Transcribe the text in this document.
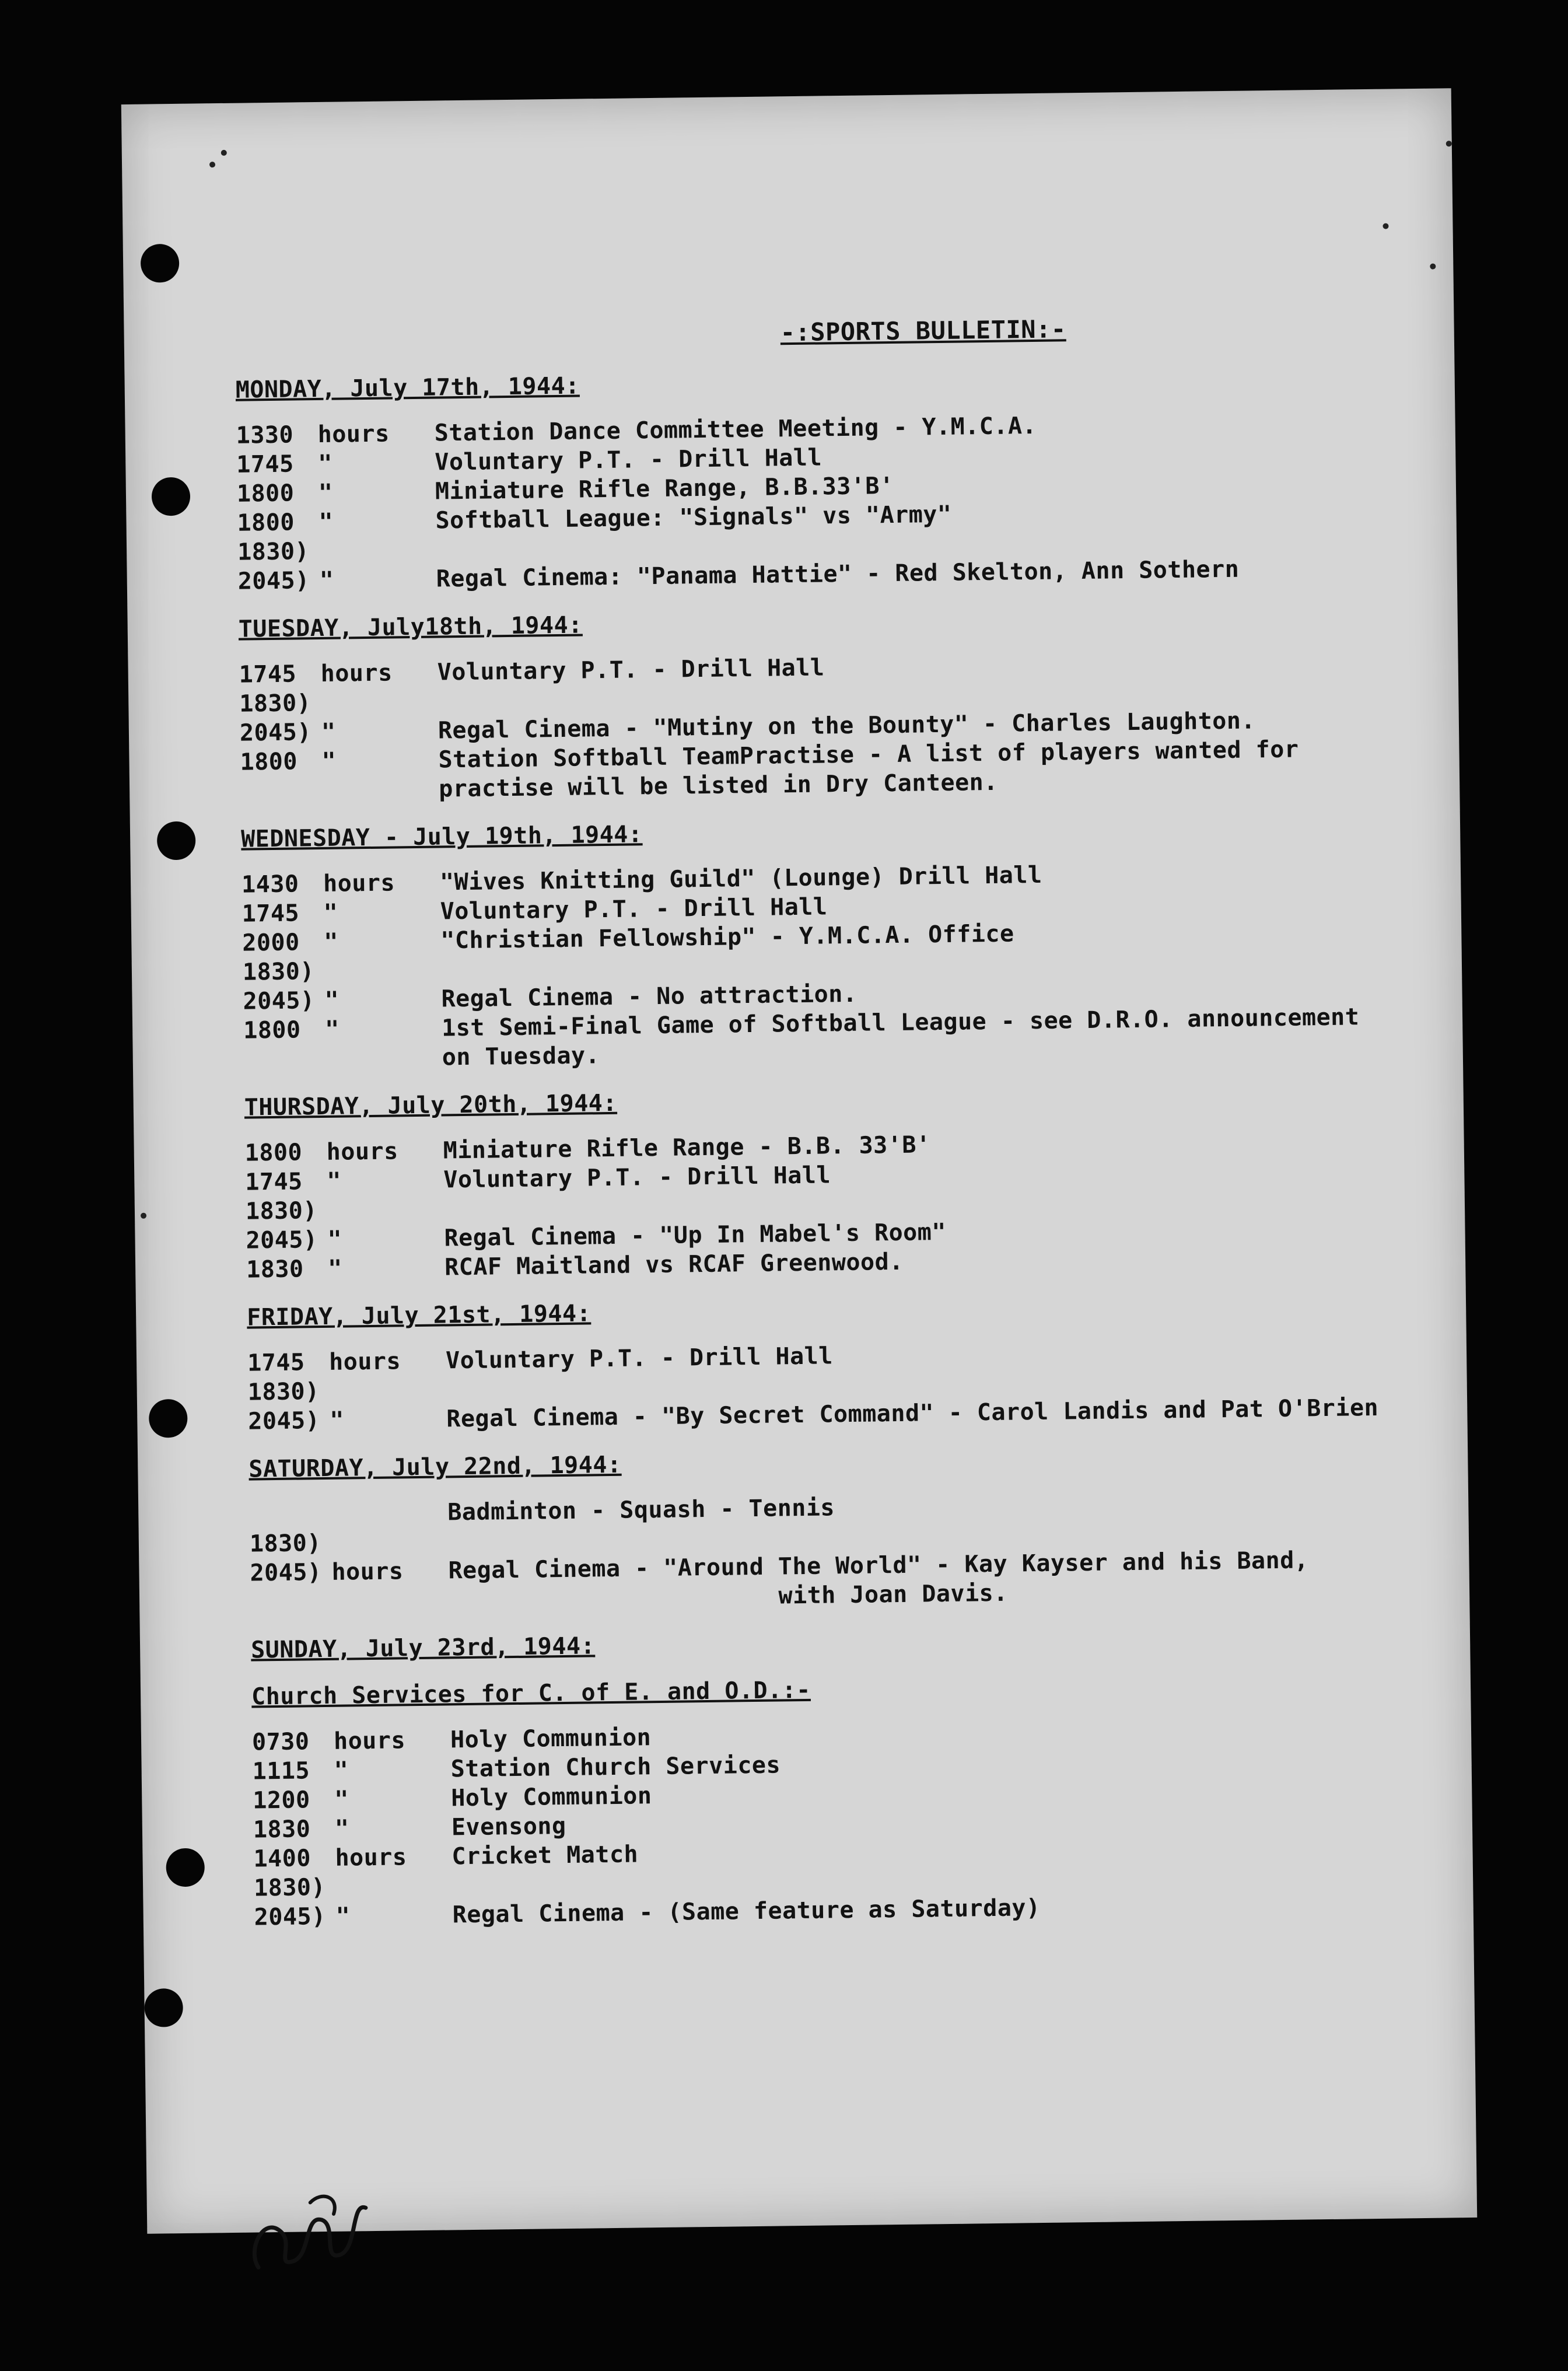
-:SPORTS BULLETIN:-
MONDAY, July 17th, 1944:
1330	hours	Station Dance Committee Meeting - Y.M.C.A.
1745	"	Voluntary P.T. - Drill Hall
1800	"	Miniature Rifle Range, B.B.33'B'
1800	"	Softball League: "Signals" vs "Army"
1830)
2045) "	Regal Cinema: "Panama Hattie" - Red Skelton, Ann Sothern
TUESDAY, July18th, 1944:
1745	hours	Voluntary P.T. - Drill Hall
1830)
2045) "	Regal Cinema - "Mutiny on the Bounty" - Charles Laughton.
1800	"	Station Softball TeamPractise - A list of players wanted for practise will be listed in Dry Canteen.
WEDNESDAY - July 19th, 1944:
1430	hours	"Wives Knitting Guild" (Lounge) Drill Hall
1745	"	Voluntary P.T. - Drill Hall
2000	"	"Christian Fellowship" - Y.M.C.A. Office
1830)
2045) "	Regal Cinema - No attraction.
1800	"	1st Semi-Final Game of Softball League - see D.R.O. announcement on Tuesday.
THURSDAY, July 20th, 1944:
1800	hours	Miniature Rifle Range - B.B. 33'B'
1745	"	Voluntary P.T. - Drill Hall
1830)
2045) "	Regal Cinema - "Up In Mabel's Room"
1830	"	RCAF Maitland vs RCAF Greenwood.
FRIDAY, July 21st, 1944:
1745	hours	Voluntary P.T. - Drill Hall
1830)
2045) "	Regal Cinema - "By Secret Command" - Carol Landis and Pat O'Brien
SATURDAY, July 22nd, 1944:
Badminton - Squash - Tennis
1830)
2045) hours	Regal Cinema - "Around The World" - Kay Kayser and his Band,
with Joan Davis.
SUNDAY, July 23rd, 1944:
Church Services for C. of E. and O.D.:-
0730	hours	Holy Communion
1115	"	Station Church Services
1200	"	Holy Communion
1830	"	Evensong
1400	hours	Cricket Match
1830)
2045) "	Regal Cinema - (Same feature as Saturday)
